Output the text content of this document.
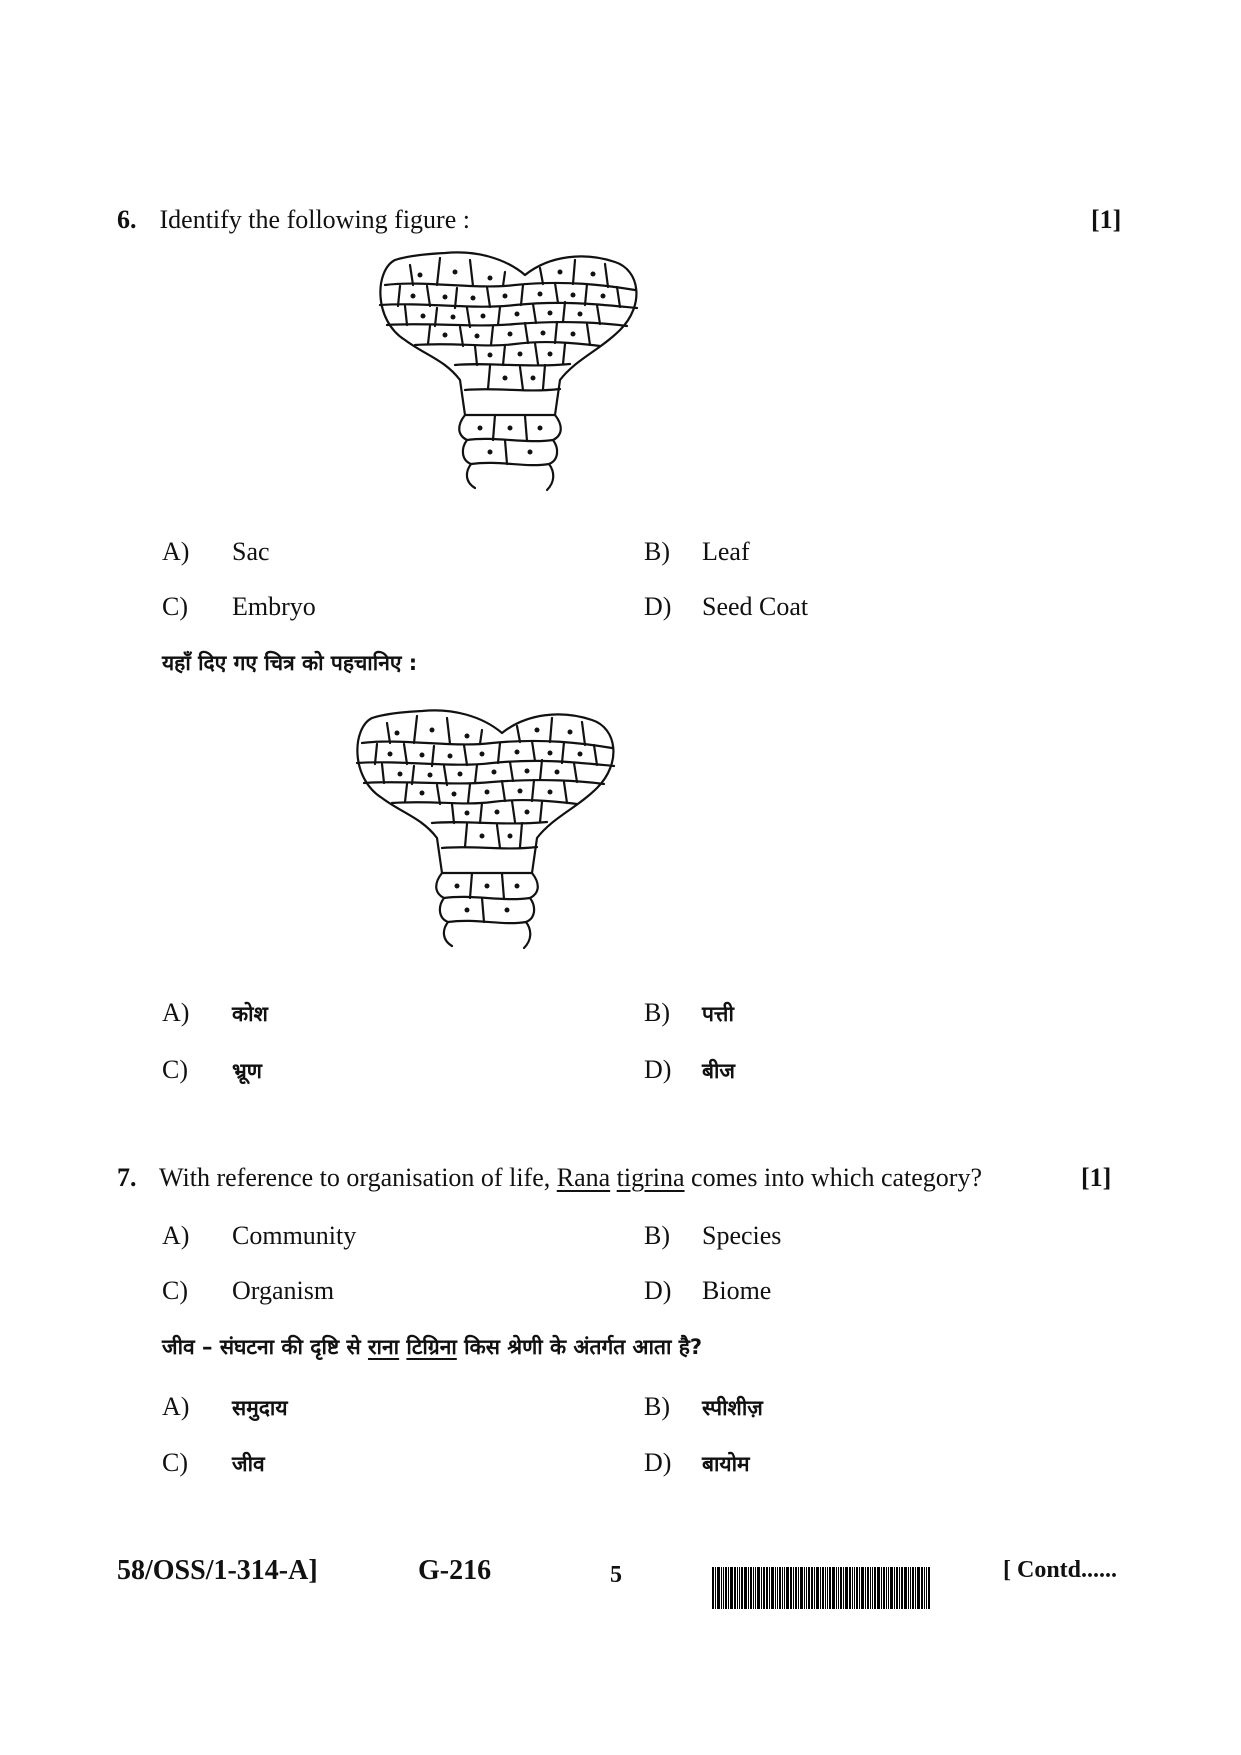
6. Identify the following figure :	[1]
A) Sac	B) Leaf
C) Embryo	D) Seed Coat
यहाँ दिए गए चित्र को पहचानिए :
A) कोश	B) पत्ती
C) भ्रूण	D) बीज
7. With reference to organisation of life, Rana tigrina comes into which category?	[1]
A) Community	B) Species
C) Organism	D) Biome
जीव – संघटना की दृष्टि से राना टिग्रिना किस श्रेणी के अंतर्गत आता है?
A) समुदाय	B) स्पीशीज़
C) जीव	D) बायोम
58/OSS/1-314-A]	G-216	5	[ Contd......
